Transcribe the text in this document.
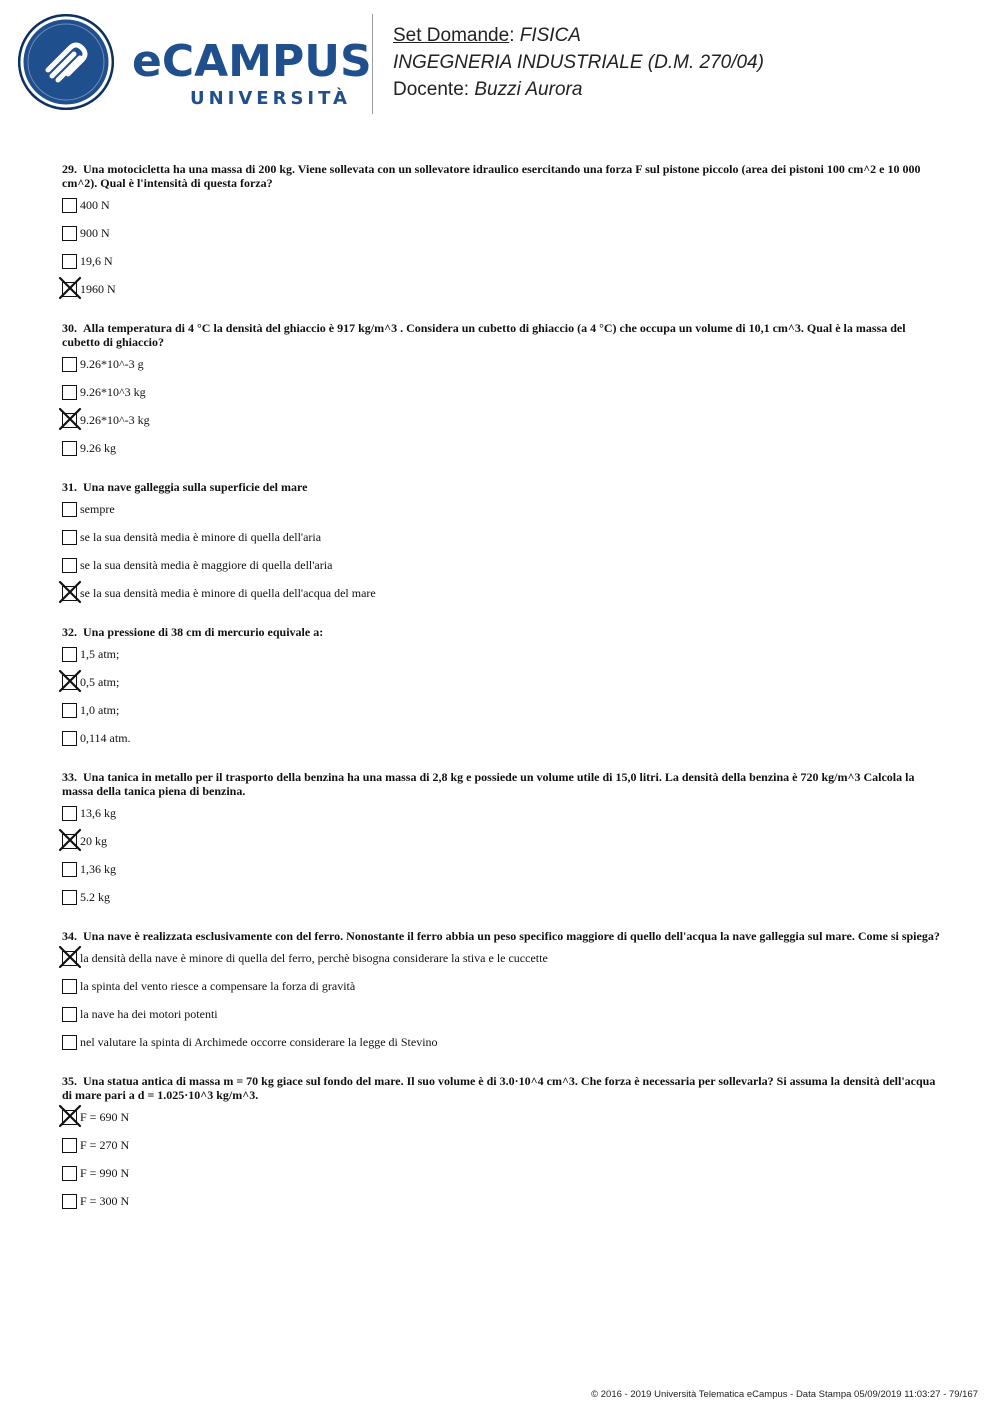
eCAMPUS
UNIVERSITÀ
Set Domande: FISICA
INGEGNERIA INDUSTRIALE (D.M. 270/04)
Docente: Buzzi Aurora
29. Una motocicletta ha una massa di 200 kg. Viene sollevata con un sollevatore idraulico esercitando una forza F sul pistone piccolo (area dei pistoni 100 cm^2 e 10 000 cm^2). Qual è l'intensità di questa forza?
400 N
900 N
19,6 N
1960 N
30. Alla temperatura di 4 °C la densità del ghiaccio è 917 kg/m^3 . Considera un cubetto di ghiaccio (a 4 °C) che occupa un volume di 10,1 cm^3. Qual è la massa del cubetto di ghiaccio?
9.26*10^-3 g
9.26*10^3 kg
9.26*10^-3 kg
9.26 kg
31. Una nave galleggia sulla superficie del mare
sempre
se la sua densità media è minore di quella dell'aria
se la sua densità media è maggiore di quella dell'aria
se la sua densità media è minore di quella dell'acqua del mare
32. Una pressione di 38 cm di mercurio equivale a:
1,5 atm;
0,5 atm;
1,0 atm;
0,114 atm.
33. Una tanica in metallo per il trasporto della benzina ha una massa di 2,8 kg e possiede un volume utile di 15,0 litri. La densità della benzina è 720 kg/m^3 Calcola la massa della tanica piena di benzina.
13,6 kg
20 kg
1,36 kg
5.2 kg
34. Una nave è realizzata esclusivamente con del ferro. Nonostante il ferro abbia un peso specifico maggiore di quello dell'acqua la nave galleggia sul mare. Come si spiega?
la densità della nave è minore di quella del ferro, perchè bisogna considerare la stiva e le cuccette
la spinta del vento riesce a compensare la forza di gravità
la nave ha dei motori potenti
nel valutare la spinta di Archimede occorre considerare la legge di Stevino
35. Una statua antica di massa m = 70 kg giace sul fondo del mare. Il suo volume è di 3.0·10^4 cm^3. Che forza è necessaria per sollevarla? Si assuma la densità dell'acqua di mare pari a d = 1.025·10^3 kg/m^3.
F = 690 N
F = 270 N
F = 990 N
F = 300 N
© 2016 - 2019 Università Telematica eCampus - Data Stampa 05/09/2019 11:03:27 - 79/167
